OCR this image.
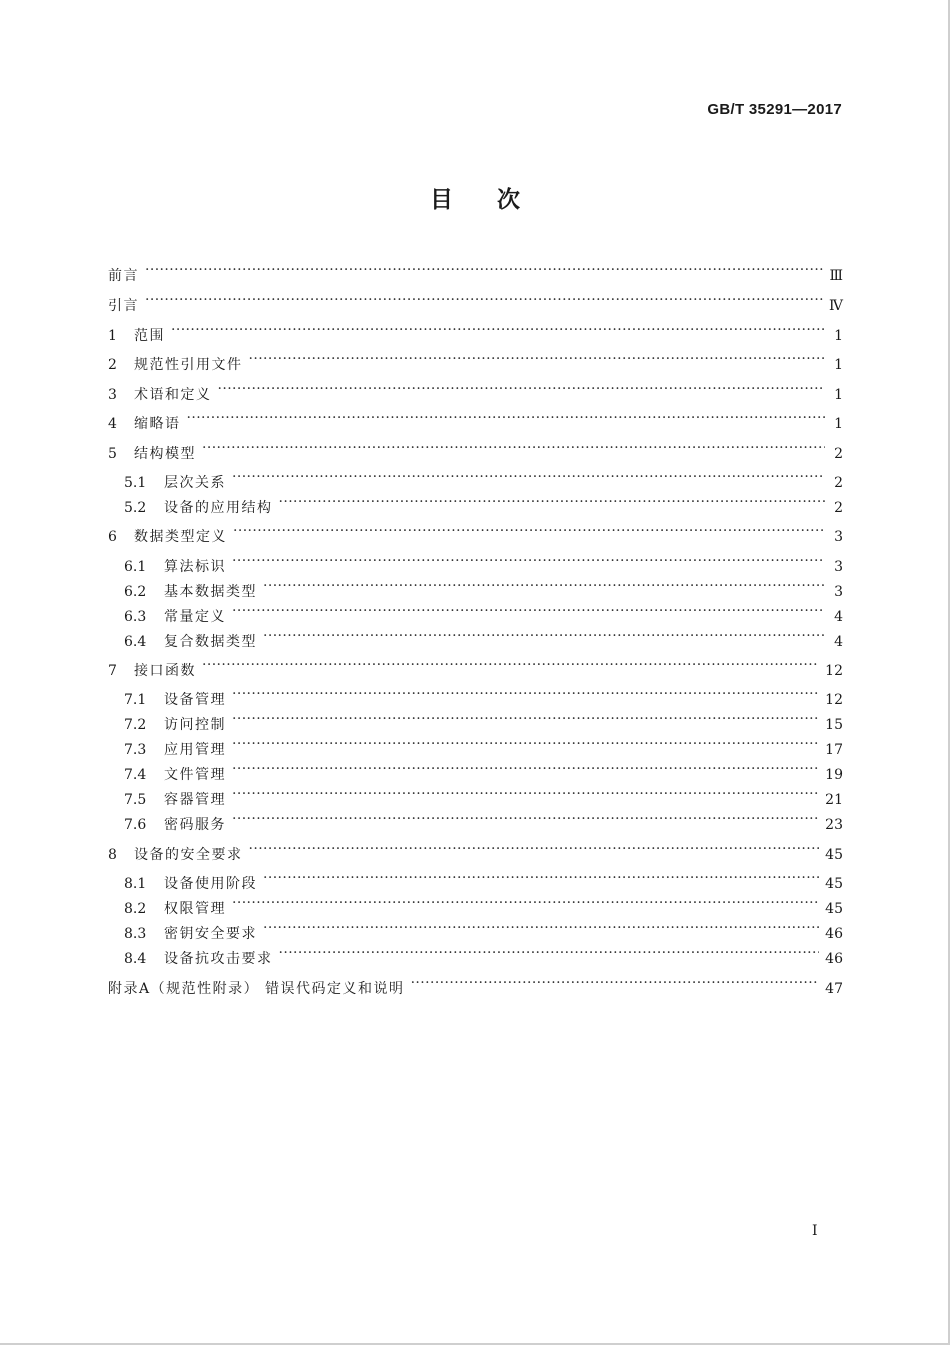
GB/T 35291—2017
目次
前言 ·····	Ⅲ
引言 ·····	Ⅳ
1	范围 ·····	1
2	规范性引用文件 ·····	1
3	术语和定义 ·····	1
4	缩略语 ·····	1
5	结构模型 ·····	2
5.1	层次关系 ·····	2
5.2	设备的应用结构 ·····	2
6	数据类型定义 ·····	3
6.1	算法标识 ·····	3
6.2	基本数据类型 ·····	3
6.3	常量定义 ·····	4
6.4	复合数据类型 ·····	4
7	接口函数 ·····	12
7.1	设备管理 ·····	12
7.2	访问控制 ·····	15
7.3	应用管理 ·····	17
7.4	文件管理 ·····	19
7.5	容器管理 ·····	21
7.6	密码服务 ·····	23
8	设备的安全要求 ·····	45
8.1	设备使用阶段 ·····	45
8.2	权限管理 ·····	45
8.3	密钥安全要求 ·····	46
8.4	设备抗攻击要求 ·····	46
附录A（规范性附录） 错误代码定义和说明 ·····	47
I
